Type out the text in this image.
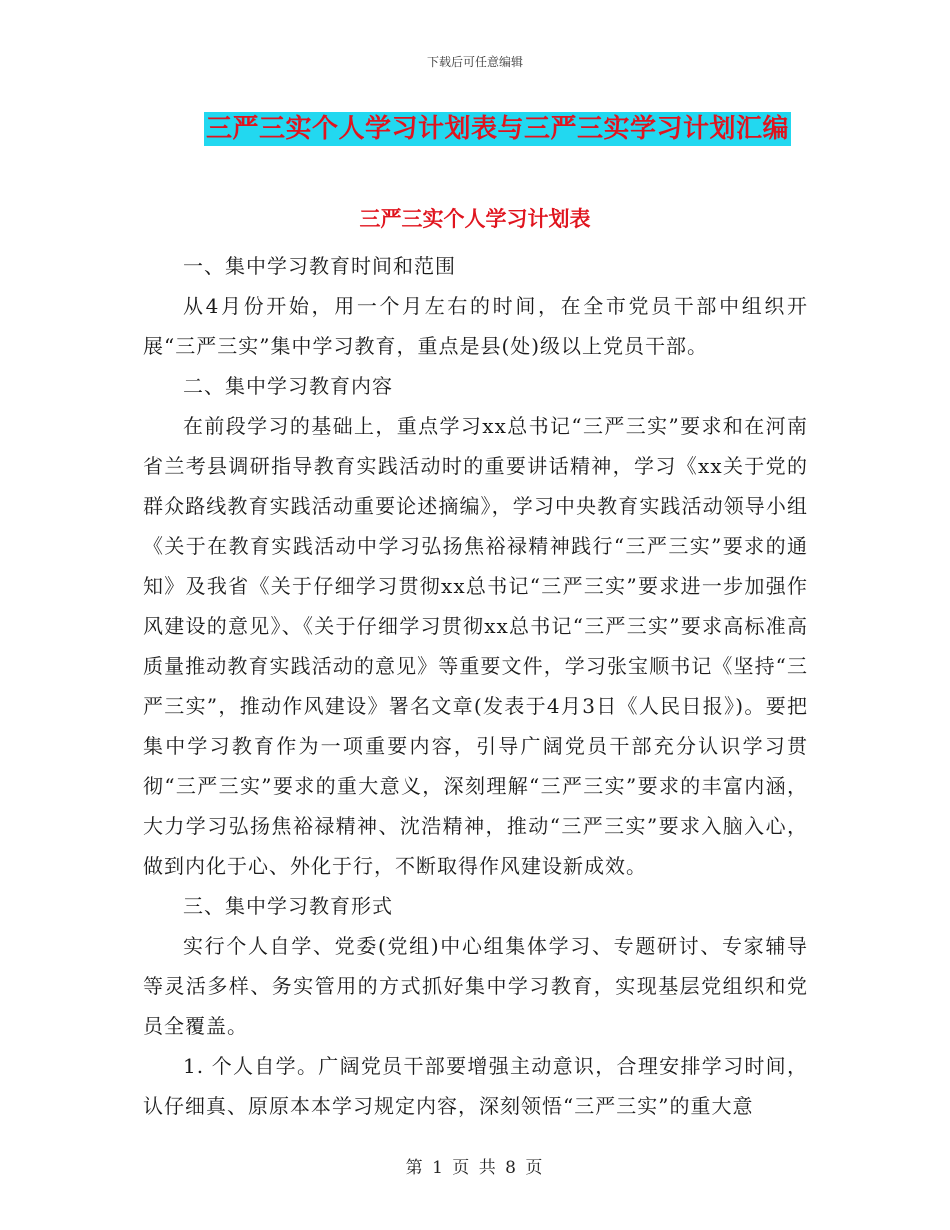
下载后可任意编辑
三严三实个人学习计划表与三严三实学习计划汇编
三严三实个人学习计划表

一、集中学习教育时间和范围

从4月份开始，用一个月左右的时间，在全市党员干部中组织开展“三严三实”集中学习教育，重点是县(处)级以上党员干部。

二、集中学习教育内容

在前段学习的基础上，重点学习xx总书记“三严三实”要求和在河南省兰考县调研指导教育实践活动时的重要讲话精神，学习《xx关于党的群众路线教育实践活动重要论述摘编》，学习中央教育实践活动领导小组《关于在教育实践活动中学习弘扬焦裕禄精神践行“三严三实”要求的通知》及我省《关于仔细学习贯彻xx总书记“三严三实”要求进一步加强作风建设的意见》、《关于仔细学习贯彻xx总书记“三严三实”要求高标准高质量推动教育实践活动的意见》等重要文件，学习张宝顺书记《坚持“三严三实”，推动作风建设》署名文章(发表于4月3日《人民日报》)。要把集中学习教育作为一项重要内容，引导广阔党员干部充分认识学习贯彻“三严三实”要求的重大意义，深刻理解“三严三实”要求的丰富内涵，大力学习弘扬焦裕禄精神、沈浩精神，推动“三严三实”要求入脑入心，做到内化于心、外化于行，不断取得作风建设新成效。

三、集中学习教育形式

实行个人自学、党委(党组)中心组集体学习、专题研讨、专家辅导等灵活多样、务实管用的方式抓好集中学习教育，实现基层党组织和党员全覆盖。

1. 个人自学。广阔党员干部要增强主动意识，合理安排学习时间，认仔细真、原原本本学习规定内容，深刻领悟“三严三实”的重大意

第 1 页 共 8 页
